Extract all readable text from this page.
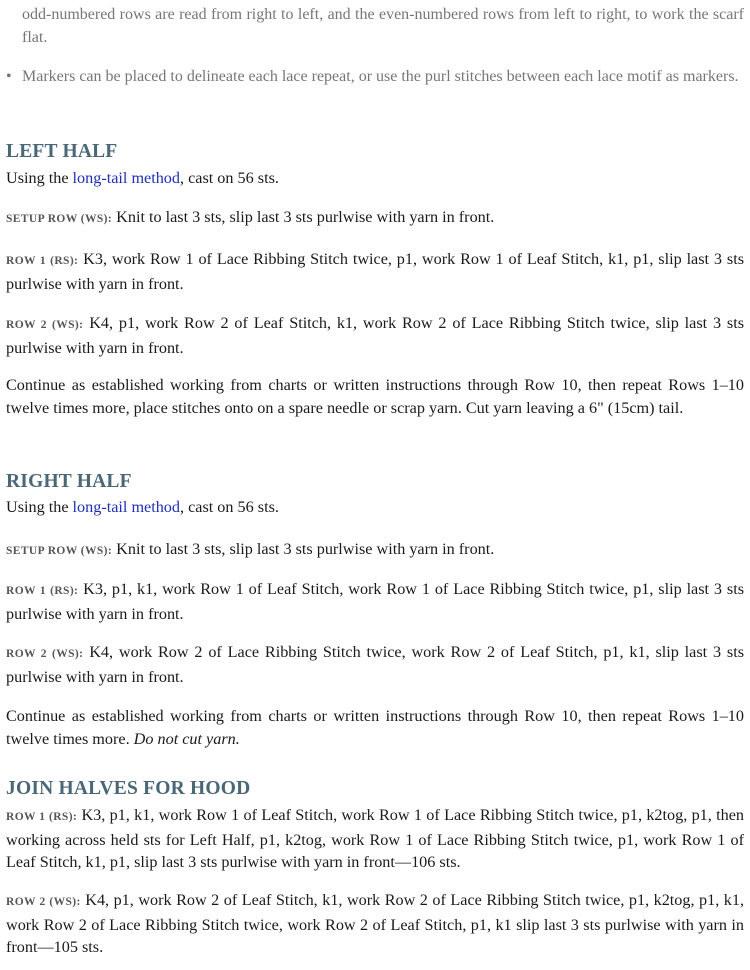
odd-numbered rows are read from right to left, and the even-numbered rows from left to right, to work the scarf flat.
• Markers can be placed to delineate each lace repeat, or use the purl stitches between each lace motif as markers.
LEFT HALF

Using the long-tail method, cast on 56 sts.

SETUP ROW (WS): Knit to last 3 sts, slip last 3 sts purlwise with yarn in front.

ROW 1 (RS): K3, work Row 1 of Lace Ribbing Stitch twice, p1, work Row 1 of Leaf Stitch, k1, p1, slip last 3 sts purlwise with yarn in front.

ROW 2 (WS): K4, p1, work Row 2 of Leaf Stitch, k1, work Row 2 of Lace Ribbing Stitch twice, slip last 3 sts purlwise with yarn in front.

Continue as established working from charts or written instructions through Row 10, then repeat Rows 1–10 twelve times more, place stitches onto on a spare needle or scrap yarn. Cut yarn leaving a 6" (15cm) tail.

RIGHT HALF

Using the long-tail method, cast on 56 sts.

SETUP ROW (WS): Knit to last 3 sts, slip last 3 sts purlwise with yarn in front.

ROW 1 (RS): K3, p1, k1, work Row 1 of Leaf Stitch, work Row 1 of Lace Ribbing Stitch twice, p1, slip last 3 sts purlwise with yarn in front.

ROW 2 (WS): K4, work Row 2 of Lace Ribbing Stitch twice, work Row 2 of Leaf Stitch, p1, k1, slip last 3 sts purlwise with yarn in front.

Continue as established working from charts or written instructions through Row 10, then repeat Rows 1–10 twelve times more. Do not cut yarn.

JOIN HALVES FOR HOOD

ROW 1 (RS): K3, p1, k1, work Row 1 of Leaf Stitch, work Row 1 of Lace Ribbing Stitch twice, p1, k2tog, p1, then working across held sts for Left Half, p1, k2tog, work Row 1 of Lace Ribbing Stitch twice, p1, work Row 1 of Leaf Stitch, k1, p1, slip last 3 sts purlwise with yarn in front—106 sts.

ROW 2 (WS): K4, p1, work Row 2 of Leaf Stitch, k1, work Row 2 of Lace Ribbing Stitch twice, p1, k2tog, p1, k1, work Row 2 of Lace Ribbing Stitch twice, work Row 2 of Leaf Stitch, p1, k1 slip last 3 sts purlwise with yarn in front—105 sts.
